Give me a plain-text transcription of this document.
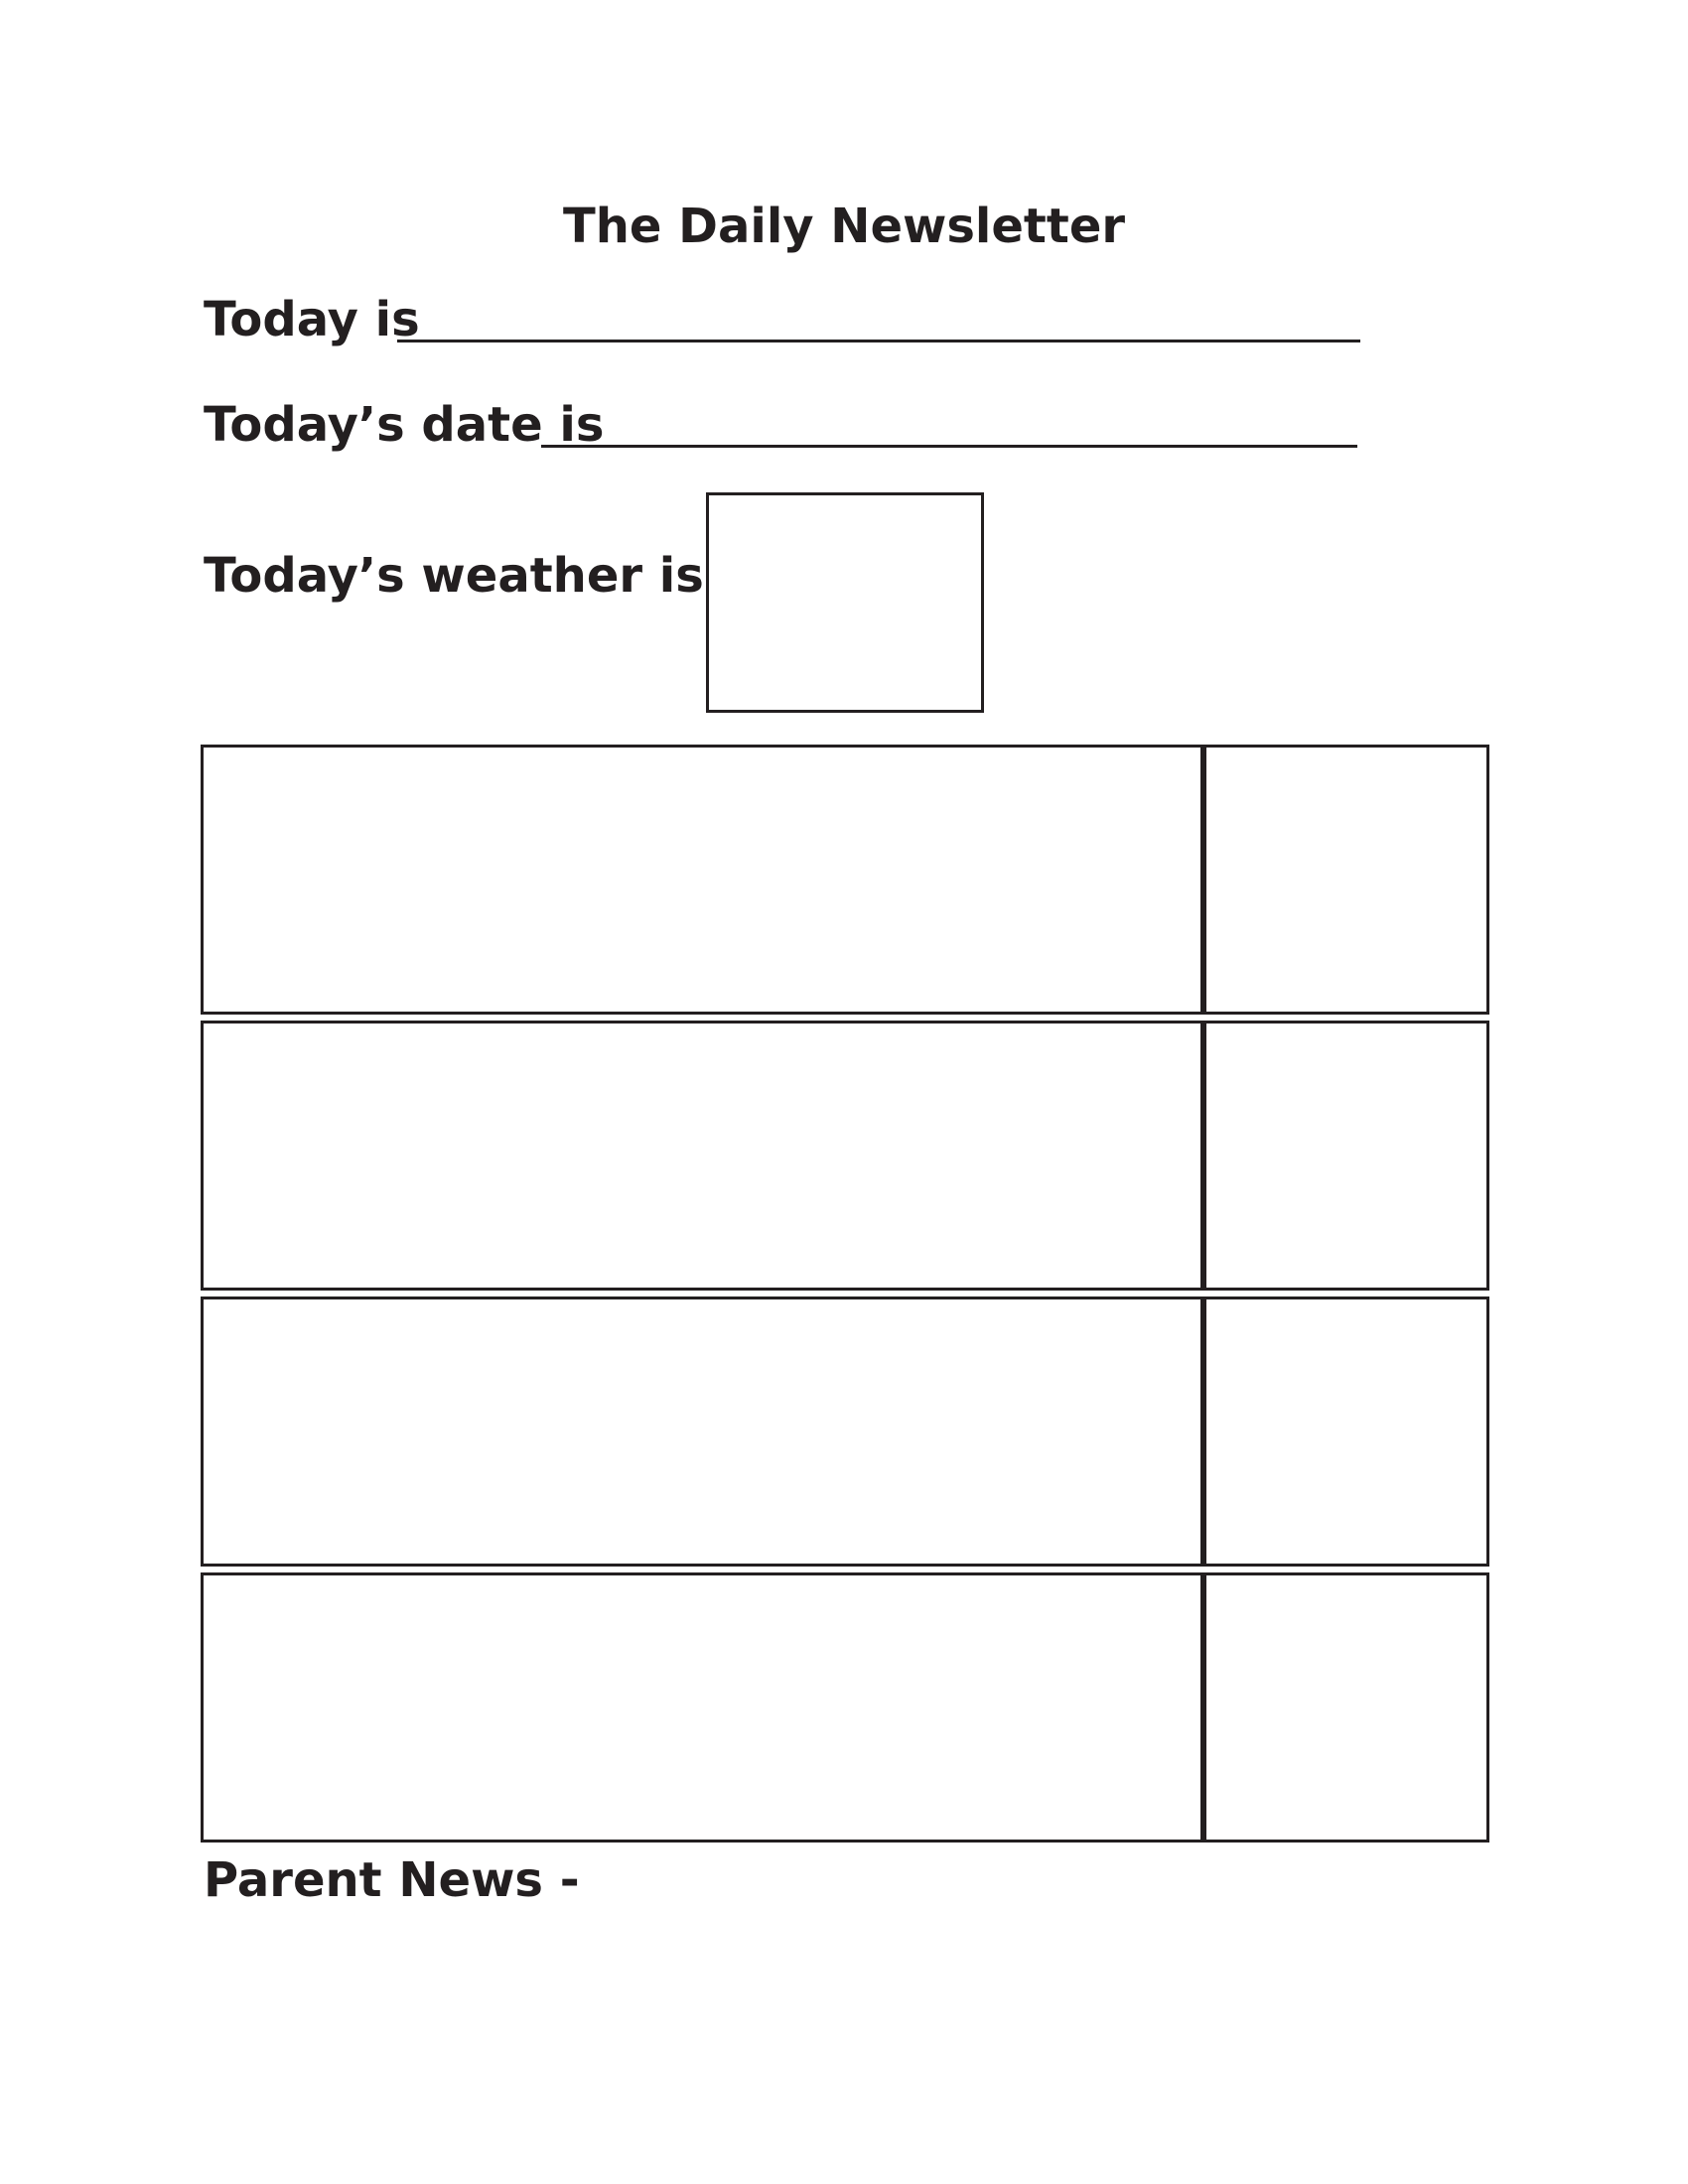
The Daily Newsletter
Today is
Today’s date is
Today’s weather is
Parent News -
